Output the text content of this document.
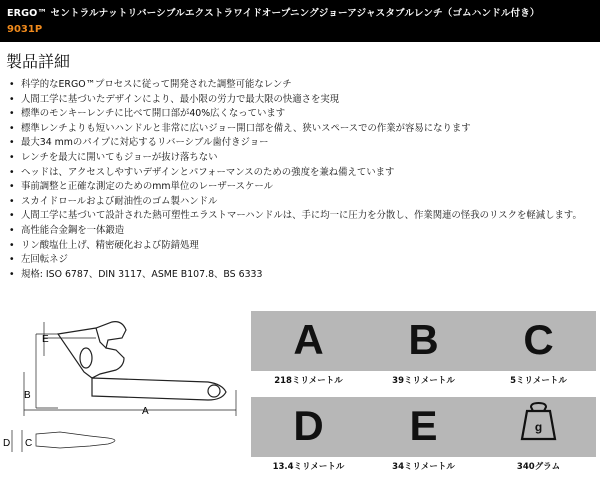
ERGO™ セントラルナットリバーシブルエクストラワイドオープニングジョーアジャスタブルレンチ（ゴムハンドル付き）
9031P
製品詳細
• 科学的なERGO™プロセスに従って開発された調整可能なレンチ
• 人間工学に基づいたデザインにより、最小限の労力で最大限の快適さを実現
• 標準のモンキーレンチに比べて開口部が40%広くなっています
• 標準レンチよりも短いハンドルと非常に広いジョー開口部を備え、狭いスペースでの作業が容易になります
• 最大34 mmのパイプに対応するリバーシブル歯付きジョー
• レンチを最大に開いてもジョーが抜け落ちない
• ヘッドは、アクセスしやすいデザインとパフォーマンスのための強度を兼ね備えています
• 事前調整と正確な測定のためのmm単位のレーザースケール
• スカイドロールおよび耐油性のゴム製ハンドル
• 人間工学に基づいて設計された熱可塑性エラストマーハンドルは、手に均一に圧力を分散し、作業関連の怪我のリスクを軽減します。
• 高性能合金鋼を一体鍛造
• リン酸塩仕上げ、精密硬化および防錆処理
• 左回転ネジ
• 規格: ISO 6787、DIN 3117、ASME B107.8、BS 6333
E
B
A
D C
A
218ミリメートル
B
39ミリメートル
C
5ミリメートル
D
13.4ミリメートル
E
34ミリメートル
g
340グラム
